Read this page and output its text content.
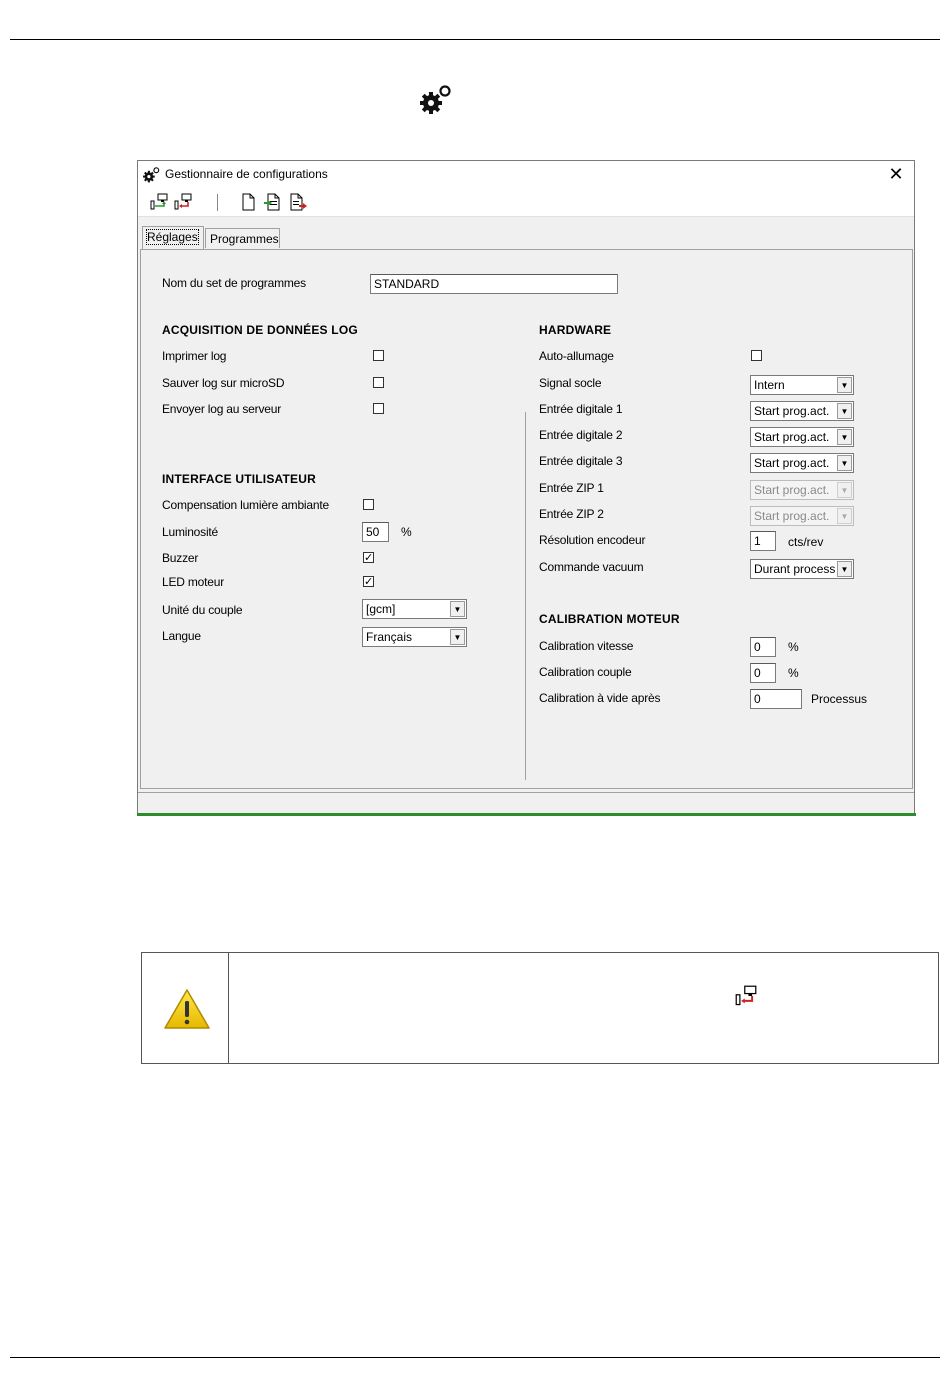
Gestionnaire de configurations	✕
Réglages	Programmes
Nom du set de programmes	STANDARD
ACQUISITION DE DONNÉES LOG
Imprimer log
Sauver log sur microSD
Envoyer log au serveur
INTERFACE UTILISATEUR
Compensation lumière ambiante
Luminosité	50	%
Buzzer	✓
LED moteur	✓
Unité du couple	[gcm]	▼
Langue	Français	▼
HARDWARE
Auto-allumage
Signal socle	Intern	▼
Entrée digitale 1	Start prog.act.	▼
Entrée digitale 2	Start prog.act.	▼
Entrée digitale 3	Start prog.act.	▼
Entrée ZIP 1	Start prog.act.	▼
Entrée ZIP 2	Start prog.act.	▼
Résolution encodeur	1	cts/rev
Commande vacuum	Durant process ▼
CALIBRATION MOTEUR
Calibration vitesse	0	%
Calibration couple	0	%
Calibration à vide après	0	Processus
